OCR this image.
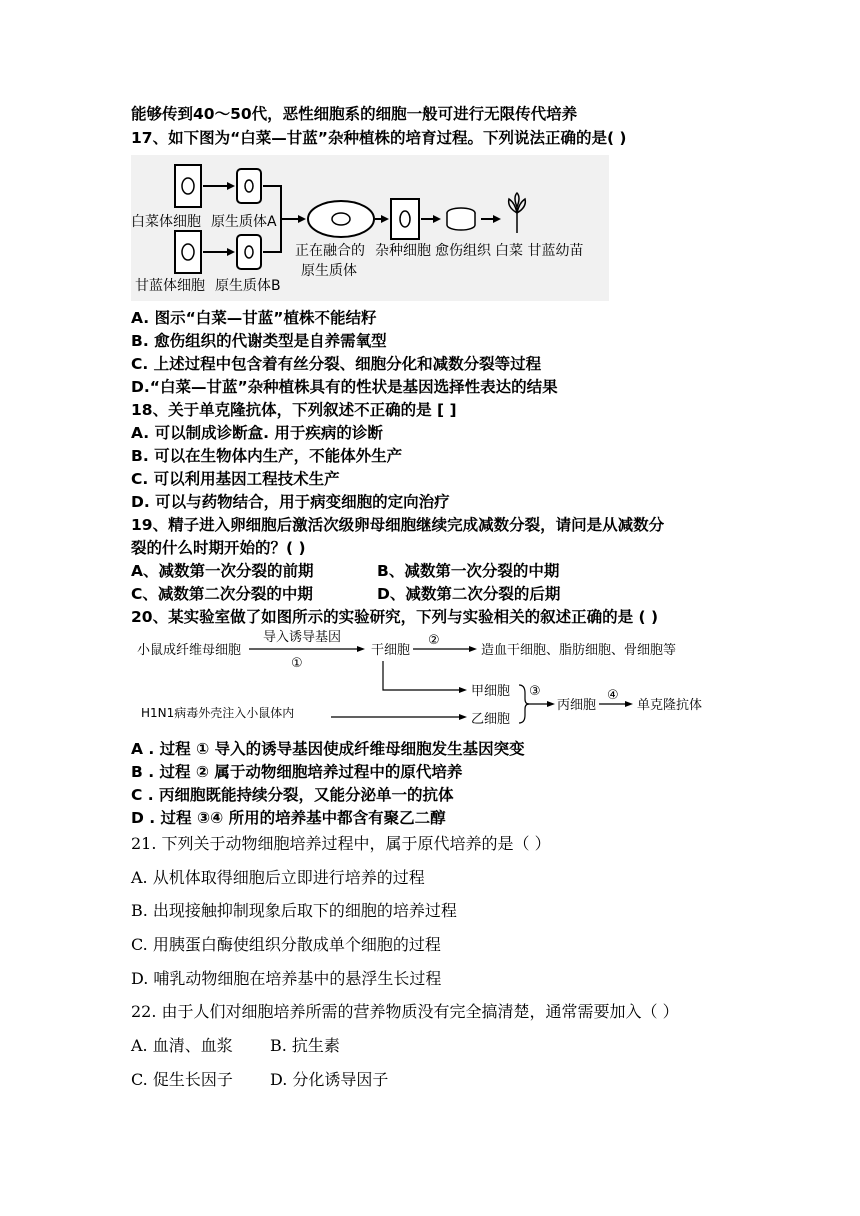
能够传到40～50代，恶性细胞系的细胞一般可进行无限传代培养
17、如下图为“白菜—甘蓝”杂种植株的培育过程。下列说法正确的是( )
白菜体细胞 原生质体A
甘蓝体细胞 原生质体B
正在融合的
原生质体
杂种细胞 愈伤组织 白菜 甘蓝幼苗
A. 图示“白菜—甘蓝”植株不能结籽
B. 愈伤组织的代谢类型是自养需氧型
C. 上述过程中包含着有丝分裂、细胞分化和减数分裂等过程
D.“白菜—甘蓝”杂种植株具有的性状是基因选择性表达的结果
18、关于单克隆抗体，下列叙述不正确的是 [ ]
A. 可以制成诊断盒. 用于疾病的诊断
B. 可以在生物体内生产，不能体外生产
C. 可以利用基因工程技术生产
D. 可以与药物结合，用于病变细胞的定向治疗
19、精子进入卵细胞后激活次级卵母细胞继续完成减数分裂，请问是从减数分
裂的什么时期开始的？( )
A、减数第一次分裂的前期	B、减数第一次分裂的中期
C、减数第二次分裂的中期	D、减数第二次分裂的后期
20、某实验室做了如图所示的实验研究，下列与实验相关的叙述正确的是 ( )
小鼠成纤维母细胞
导入诱导基因
①
干细胞
②
造血干细胞、脂肪细胞、骨细胞等
甲细胞
H1N1病毒外壳注入小鼠体内	乙细胞
③
丙细胞
④
单克隆抗体
A . 过程 ① 导入的诱导基因使成纤维母细胞发生基因突变
B . 过程 ② 属于动物细胞培养过程中的原代培养
C . 丙细胞既能持续分裂，又能分泌单一的抗体
D . 过程 ③④ 所用的培养基中都含有聚乙二醇
21. 下列关于动物细胞培养过程中，属于原代培养的是（ ）
A. 从机体取得细胞后立即进行培养的过程
B. 出现接触抑制现象后取下的细胞的培养过程
C. 用胰蛋白酶使组织分散成单个细胞的过程
D. 哺乳动物细胞在培养基中的悬浮生长过程
22. 由于人们对细胞培养所需的营养物质没有完全搞清楚，通常需要加入（ ）
A. 血清、血浆 B. 抗生素
C. 促生长因子 D. 分化诱导因子
